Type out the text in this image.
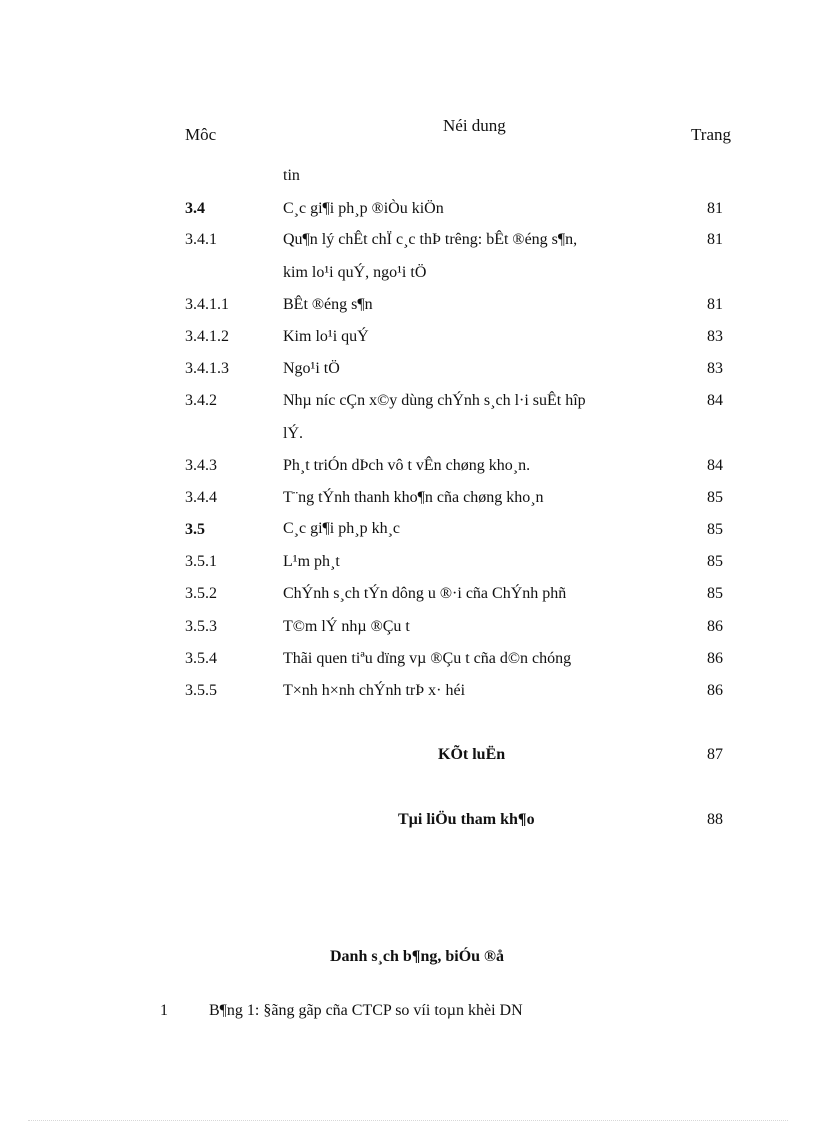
Môc	Néi dung	Trang
tin
3.4	C¸c gi¶i ph¸p ®iÒu kiÖn	81
3.4.1	Qu¶n lý chÊt chÏ c¸c thÞ trêng: bÊt ®éng s¶n,	81
kim lo¹i quÝ, ngo¹i tÖ
3.4.1.1	BÊt ®éng s¶n	81
3.4.1.2	Kim lo¹i quÝ	83
3.4.1.3	Ngo¹i tÖ	83
3.4.2	Nhµ níc cÇn x©y dùng chÝnh s¸ch l·i suÊt hîp	84
lÝ.
3.4.3	Ph¸t triÓn dÞch vô t vÊn chøng kho¸n.	84
3.4.4	T¨ng tÝnh thanh kho¶n cña chøng kho¸n	85
3.5	C¸c gi¶i ph¸p kh¸c	85
3.5.1	L¹m ph¸t	85
3.5.2	ChÝnh s¸ch tÝn dông u ®·i cña ChÝnh phñ	85
3.5.3	T©m lÝ nhµ ®Çu t	86
3.5.4	Thãi quen tiªu dïng vµ ®Çu t cña d©n chóng	86
3.5.5	T×nh h×nh chÝnh trÞ x· héi	86
KÕt luËn	87
Tµi liÖu tham kh¶o	88
Danh s¸ch b¶ng, biÓu ®å
1	B¶ng 1: §ãng gãp cña CTCP so víi toµn khèi DN
